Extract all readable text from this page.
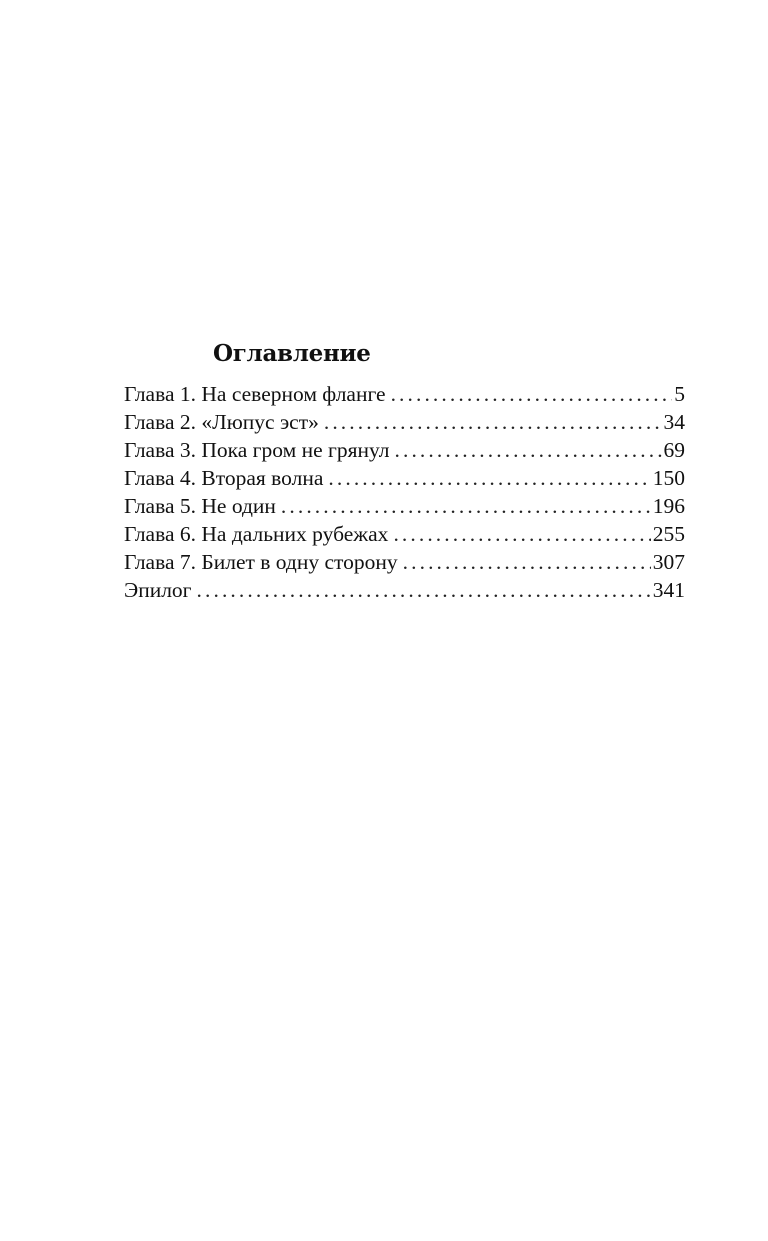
Оглавление
Глава 1. На северном фланге .....	5
Глава 2. «Люпус эст» .....	34
Глава 3. Пока гром не грянул .....	69
Глава 4. Вторая волна .....	150
Глава 5. Не один .....	196
Глава 6. На дальних рубежах .....	255
Глава 7. Билет в одну сторону .....	307
Эпилог .....	341
